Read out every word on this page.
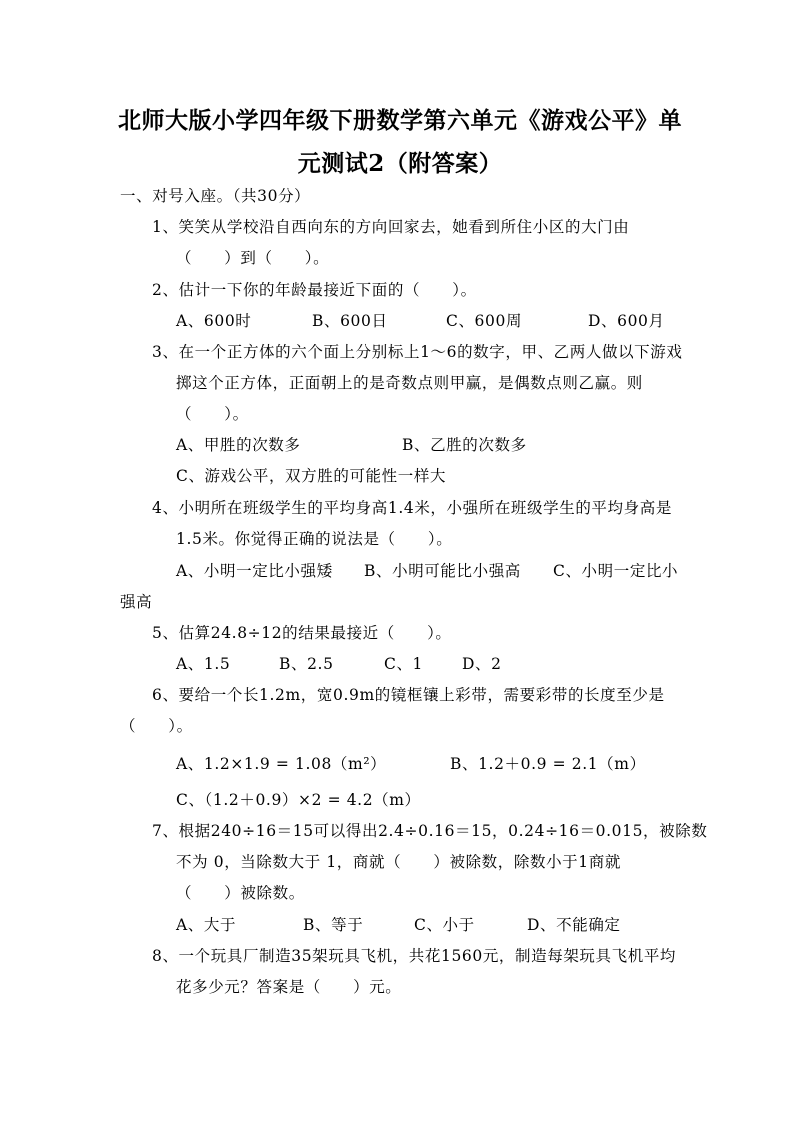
北师大版小学四年级下册数学第六单元《游戏公平》单
元测试2（附答案）
一、对号入座。（共30分）
1、笑笑从学校沿自西向东的方向回家去，她看到所住小区的大门由
（　　）到（　　）。
2、估计一下你的年龄最接近下面的（　　）。
A、600时	B、600日	C、600周	D、600月
3、在一个正方体的六个面上分别标上1～6的数字，甲、乙两人做以下游戏
掷这个正方体，正面朝上的是奇数点则甲赢，是偶数点则乙赢。则
（　　）。
A、甲胜的次数多	B、乙胜的次数多
C、游戏公平，双方胜的可能性一样大
4、小明所在班级学生的平均身高1.4米，小强所在班级学生的平均身高是
1.5米。你觉得正确的说法是（　　）。
A、小明一定比小强矮 B、小明可能比小强高 C、小明一定比小
强高
5、估算24.8÷12的结果最接近（　　）。
A、1.5	B、2.5	C、1	D、2
6、要给一个长1.2m，宽0.9m的镜框镶上彩带，需要彩带的长度至少是
（　　）。
A、1.2×1.9 = 1.08（m²）	B、1.2＋0.9 = 2.1（m）
C、（1.2＋0.9）×2 = 4.2（m）
7、根据240÷16＝15可以得出2.4÷0.16＝15，0.24÷16＝0.015，被除数
不为 0，当除数大于 1，商就（　　）被除数，除数小于1商就
（　　）被除数。
A、大于	B、等于	C、小于	D、不能确定
8、一个玩具厂制造35架玩具飞机，共花1560元，制造每架玩具飞机平均
花多少元？答案是（　　）元。
